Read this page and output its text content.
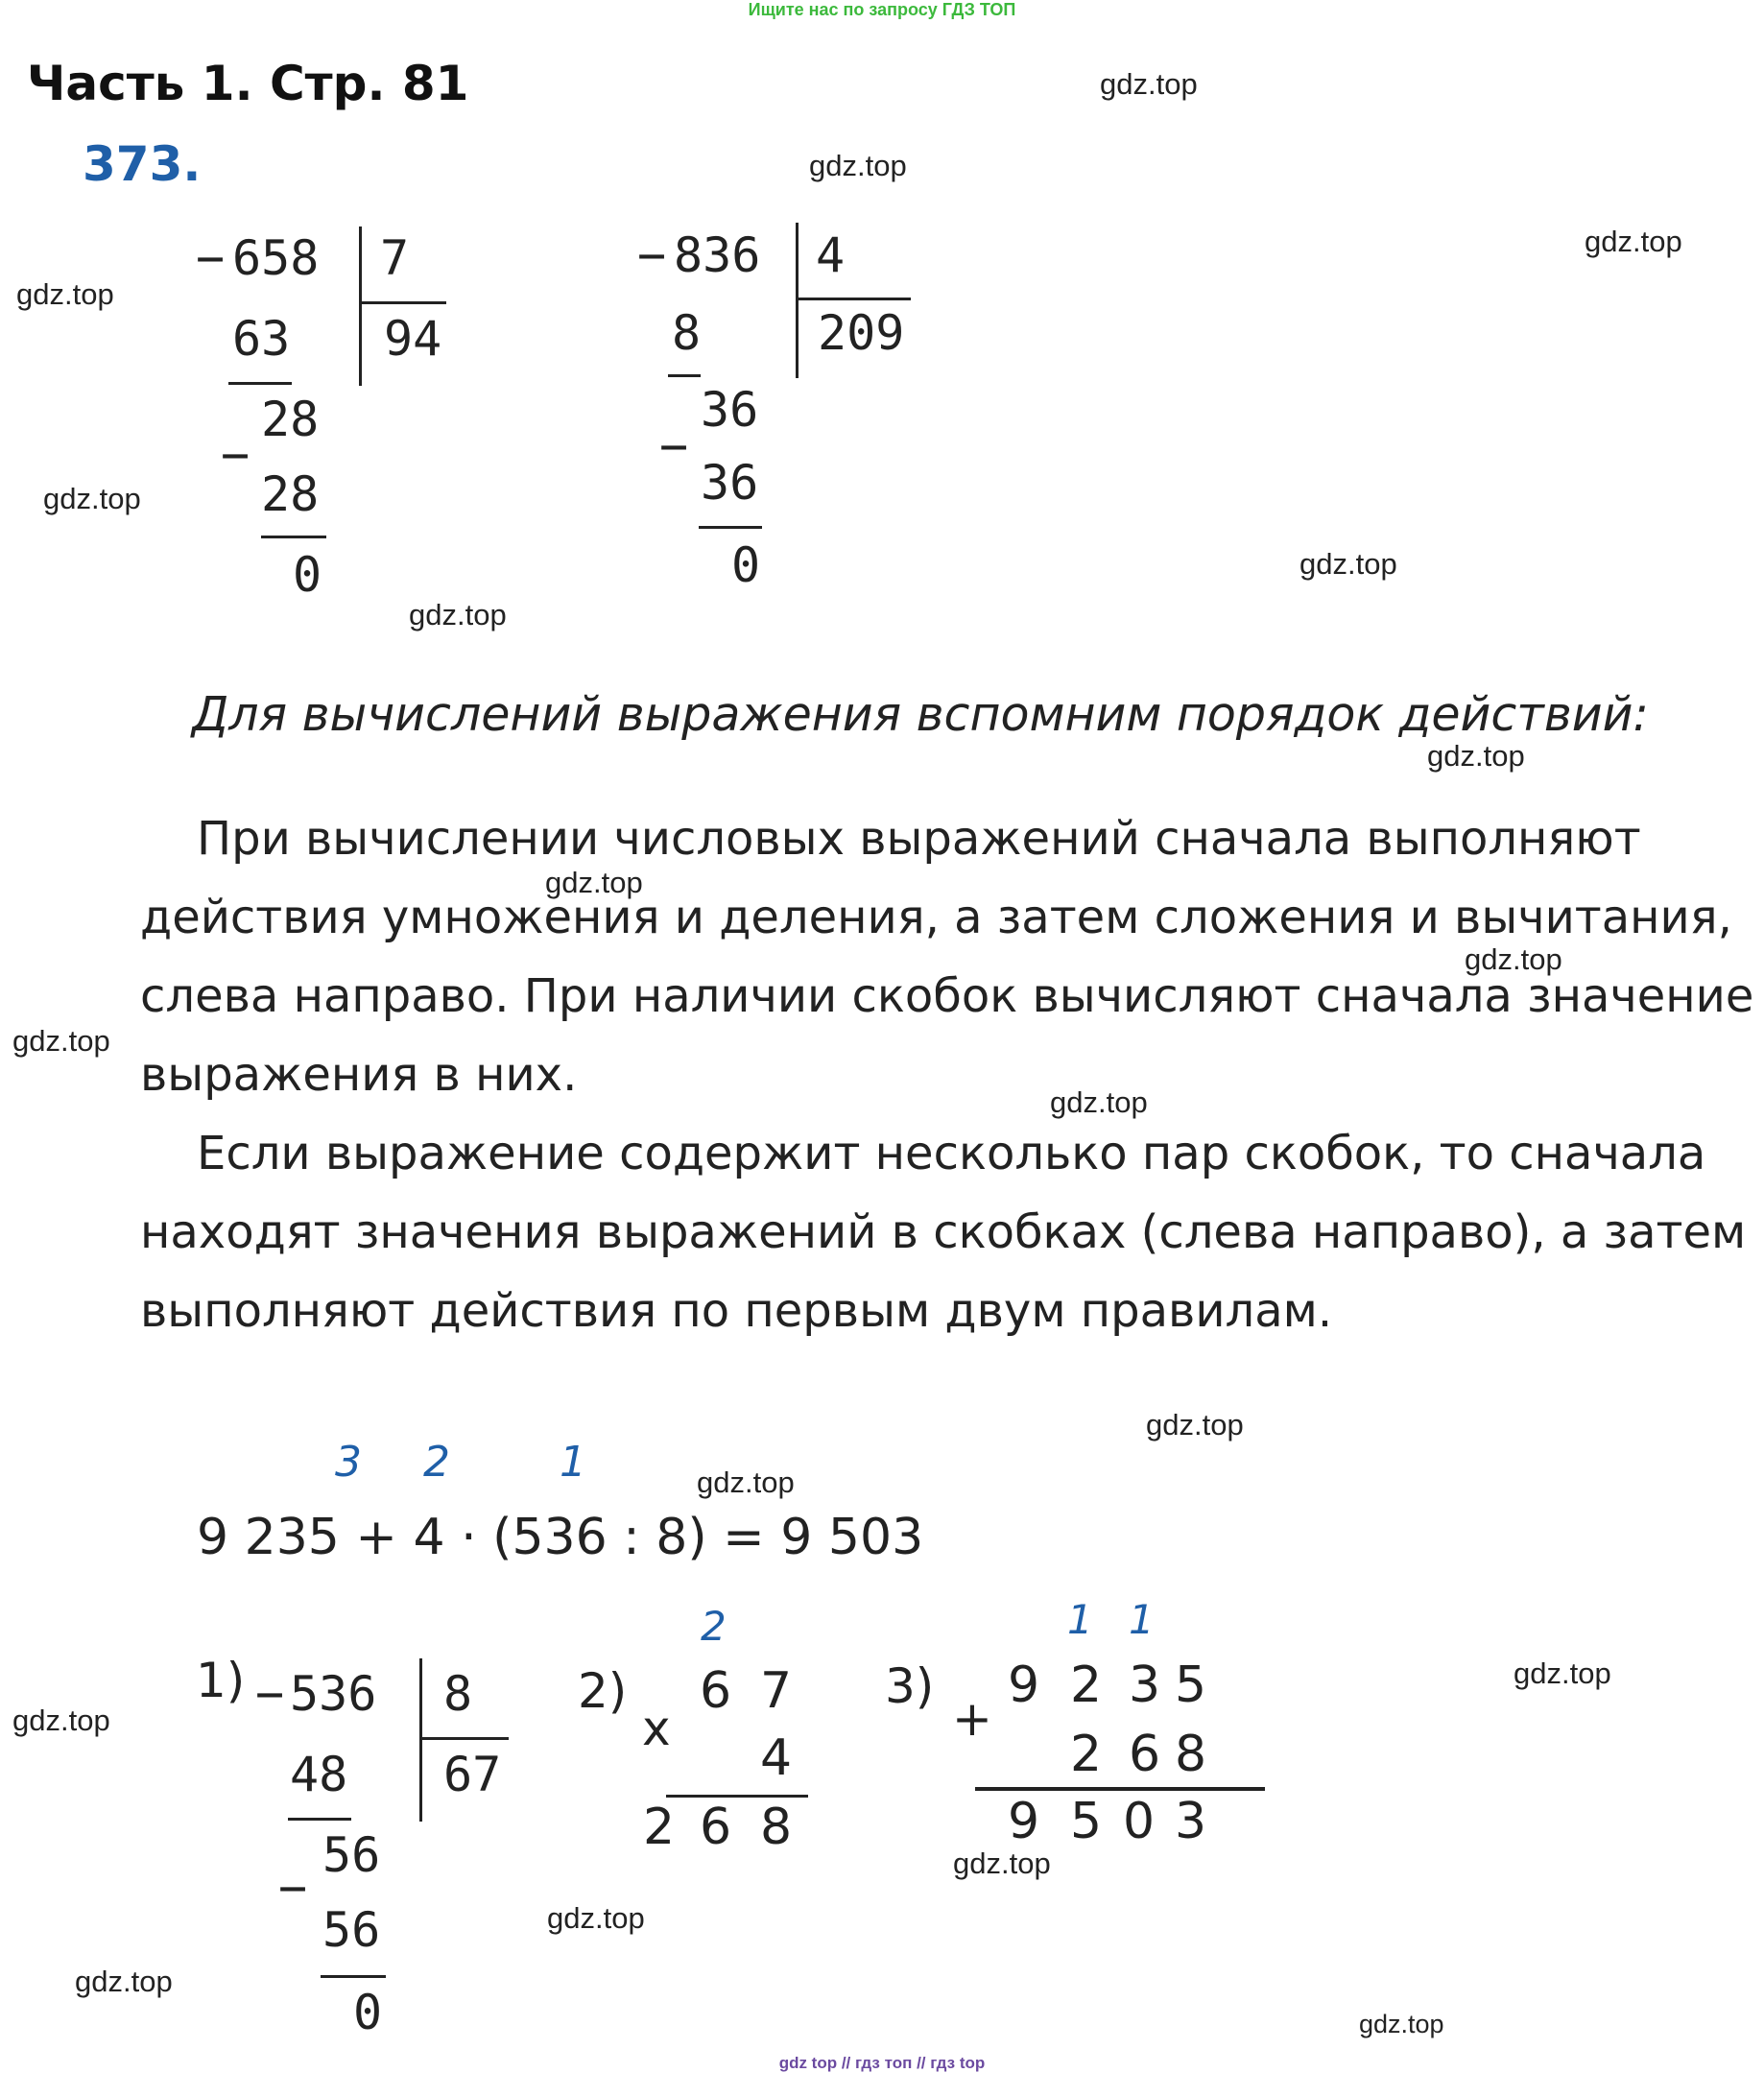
Ищите нас по запросу ГДЗ ТОП
Часть 1. Стр. 81
373.
gdz.top
gdz.top
gdz.top
gdz.top
gdz.top
gdz.top
gdz.top
gdz.top
gdz.top
gdz.top
gdz.top
gdz.top
gdz.top
gdz.top
gdz.top
gdz.top
gdz.top
gdz.top
gdz.top
gdz.top
− 658 7
94
63
−
28
28
0
− 836 4
209
8
−
36
36
0
Для вычислений выражения вспомним порядок действий:
При вычислении числовых выражений сначала выполняют
действия умножения и деления, а затем сложения и вычитания,
слева направо. При наличии скобок вычисляют сначала значение
выражения в них.
Если выражение содержит несколько пар скобок, то сначала
находят значения выражений в скобках (слева направо), а затем
выполняют действия по первым двум правилам.
3 2	1
9 235 + 4 · (536 : 8) = 9 503
1) − 536 8
67
48
−
56
56
0
2)
2
6 7
x
4
2 6 8
3)
1 1
9 2 3 5
+
2 6 8
9 5 0 3
gdz top // гдз топ // гдз top
